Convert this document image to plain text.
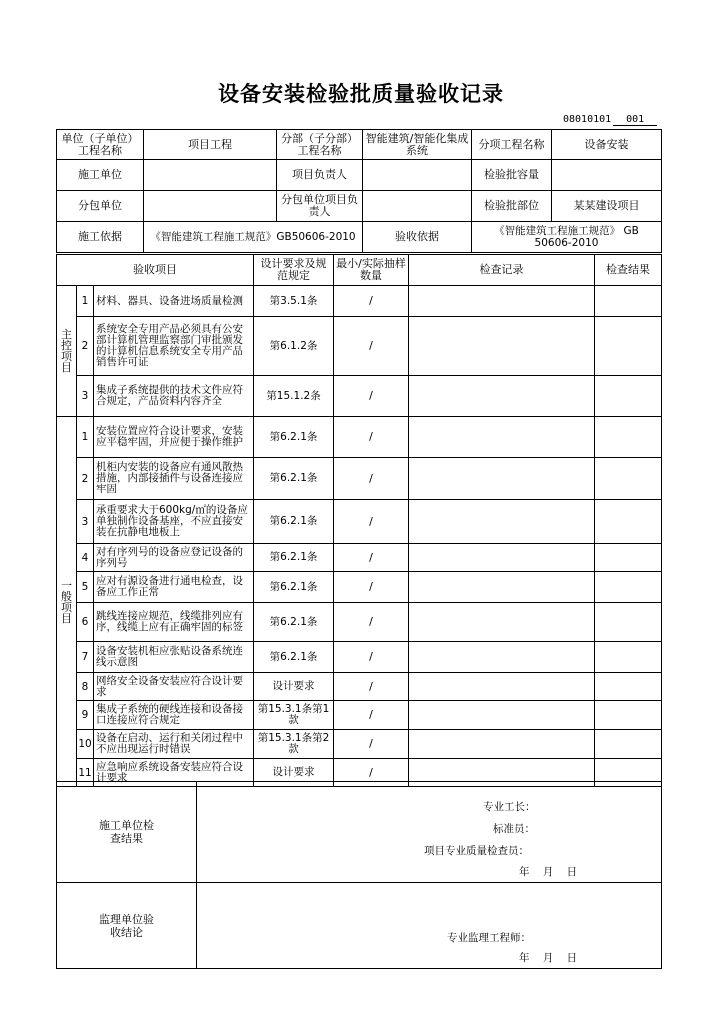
设备安装检验批质量验收记录
08010101 001
单位（子单位）工程名称	项目工程	分部（子分部）工程名称	智能建筑/智能化集成系统	分项工程名称	设备安装
施工单位		项目负责人		检验批容量	
分包单位		分包单位项目负责人		检验批部位	某某建设项目
施工依据	《智能建筑工程施工规范》GB50606-2010		验收依据	《智能建筑工程施工规范》 GB 50606-2010	
验收项目			设计要求及规范规定	最小/实际抽样数量	检查记录	检查结果
主控项目	1	材料、器具、设备进场质量检测	第3.5.1条	/		
	2	系统安全专用产品必须具有公安部计算机管理监察部门审批颁发的计算机信息系统安全专用产品销售许可证	第6.1.2条	/		
	3	集成子系统提供的技术文件应符合规定，产品资料内容齐全	第15.1.2条	/		
一般项目	1	安装位置应符合设计要求，安装应平稳牢固，并应便于操作维护	第6.2.1条	/		
	2	机柜内安装的设备应有通风散热措施，内部接插件与设备连接应牢固	第6.2.1条	/		
	3	承重要求大于600kg/㎡的设备应单独制作设备基座，不应直接安装在抗静电地板上	第6.2.1条	/		
	4	对有序列号的设备应登记设备的序列号	第6.2.1条	/		
	5	应对有源设备进行通电检查，设备应工作正常	第6.2.1条	/		
	6	跳线连接应规范，线缆排列应有序，线缆上应有正确牢固的标签	第6.2.1条	/		
	7	设备安装机柜应张贴设备系统连线示意图	第6.2.1条	/		
	8	网络安全设备安装应符合设计要求	设计要求	/		
	9	集成子系统的硬线连接和设备接口连接应符合规定	第15.3.1条第1款	/		
	10	设备在启动、运行和关闭过程中不应出现运行时错误	第15.3.1条第2款	/		
	11	应急响应系统设备安装应符合设计要求	设计要求	/		
施工单位检查结果	专业工长：
标准员：
项目专业质量检查员：
年 月 日

监理单位验收结论	专业监理工程师：
年 月 日
